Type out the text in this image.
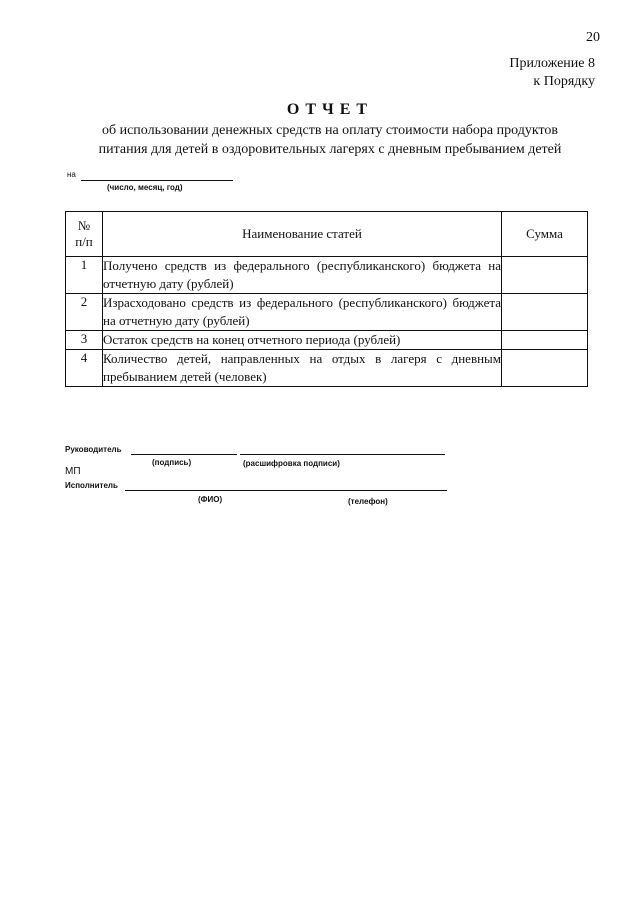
20
Приложение 8
к Порядку
ОТЧЕТ
об использовании денежных средств на оплату стоимости набора продуктов
питания для детей в оздоровительных лагерях с дневным пребыванием детей
на
(число, месяц, год)
№
п/п	Наименование статей	Сумма
1	Получено средств из федерального (республиканского) бюджета на отчетную дату (рублей)	
2	Израсходовано средств из федерального (республиканского) бюджета на отчетную дату (рублей)	
3	Остаток средств на конец отчетного периода (рублей)	
4	Количество детей, направленных на отдых в лагеря с дневным пребыванием детей (человек)	
Руководитель
(подпись)	(расшифровка подписи)
МП
Исполнитель
(ФИО)	(телефон)
